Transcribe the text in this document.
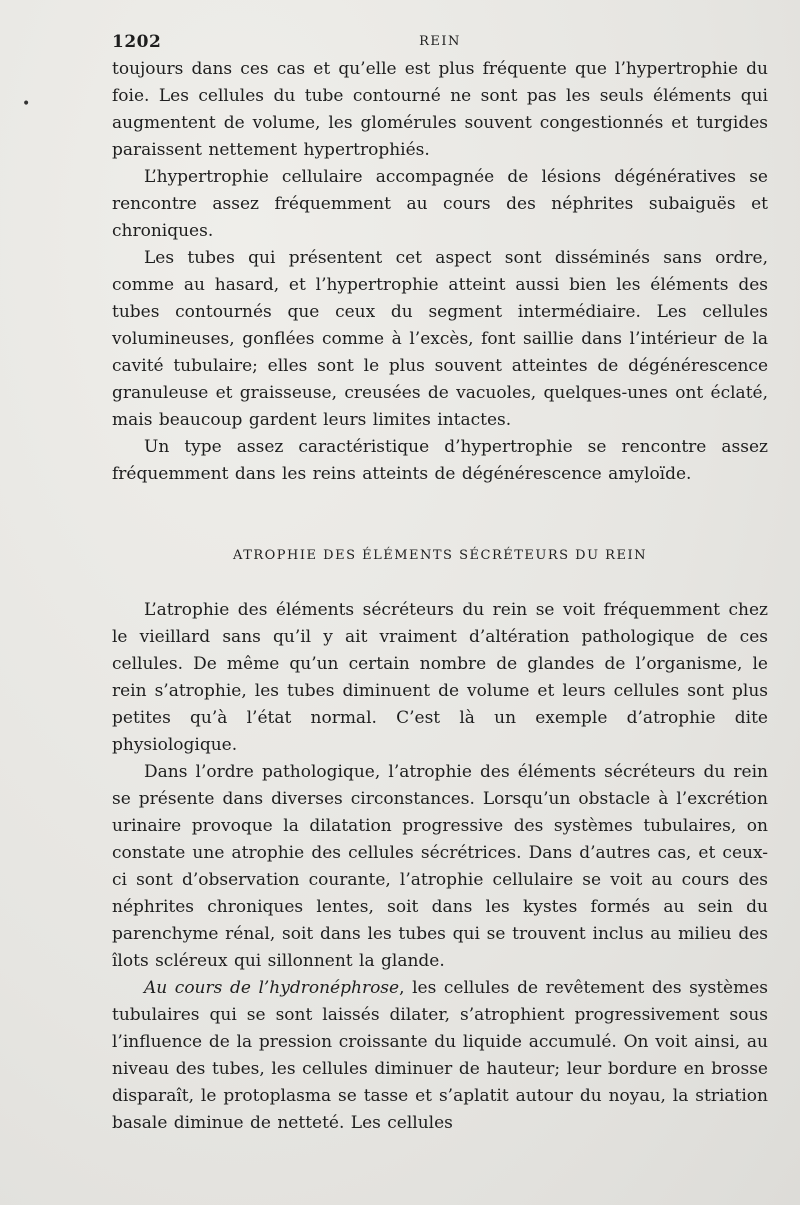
•
1202	REIN

toujours dans ces cas et qu’elle est plus fréquente que l’hypertrophie du foie. Les cellules du tube contourné ne sont pas les seuls éléments qui augmentent de volume, les glomérules souvent congestionnés et turgides paraissent nettement hypertrophiés.

L’hypertrophie cellulaire accompagnée de lésions dégénératives se rencontre assez fréquemment au cours des néphrites subaiguës et chroniques.

Les tubes qui présentent cet aspect sont disséminés sans ordre, comme au hasard, et l’hypertrophie atteint aussi bien les éléments des tubes contournés que ceux du segment intermédiaire. Les cellules volumineuses, gonflées comme à l’excès, font saillie dans l’intérieur de la cavité tubulaire; elles sont le plus souvent atteintes de dégénérescence granuleuse et graisseuse, creusées de vacuoles, quelques-unes ont éclaté, mais beaucoup gardent leurs limites intactes.

Un type assez caractéristique d’hypertrophie se rencontre assez fréquemment dans les reins atteints de dégénérescence amyloïde.

ATROPHIE DES ÉLÉMENTS SÉCRÉTEURS DU REIN

L’atrophie des éléments sécréteurs du rein se voit fréquemment chez le vieillard sans qu’il y ait vraiment d’altération pathologique de ces cellules. De même qu’un certain nombre de glandes de l’organisme, le rein s’atrophie, les tubes diminuent de volume et leurs cellules sont plus petites qu’à l’état normal. C’est là un exemple d’atrophie dite physiologique.

Dans l’ordre pathologique, l’atrophie des éléments sécréteurs du rein se présente dans diverses circonstances. Lorsqu’un obstacle à l’excrétion urinaire provoque la dilatation progressive des systèmes tubulaires, on constate une atrophie des cellules sécrétrices. Dans d’autres cas, et ceux-ci sont d’observation courante, l’atrophie cellulaire se voit au cours des néphrites chroniques lentes, soit dans les kystes formés au sein du parenchyme rénal, soit dans les tubes qui se trouvent inclus au milieu des îlots scléreux qui sillonnent la glande.

Au cours de l’hydronéphrose, les cellules de revêtement des systèmes tubulaires qui se sont laissés dilater, s’atrophient progressivement sous l’influence de la pression croissante du liquide accumulé. On voit ainsi, au niveau des tubes, les cellules diminuer de hauteur; leur bordure en brosse disparaît, le protoplasma se tasse et s’aplatit autour du noyau, la striation basale diminue de netteté. Les cellules
